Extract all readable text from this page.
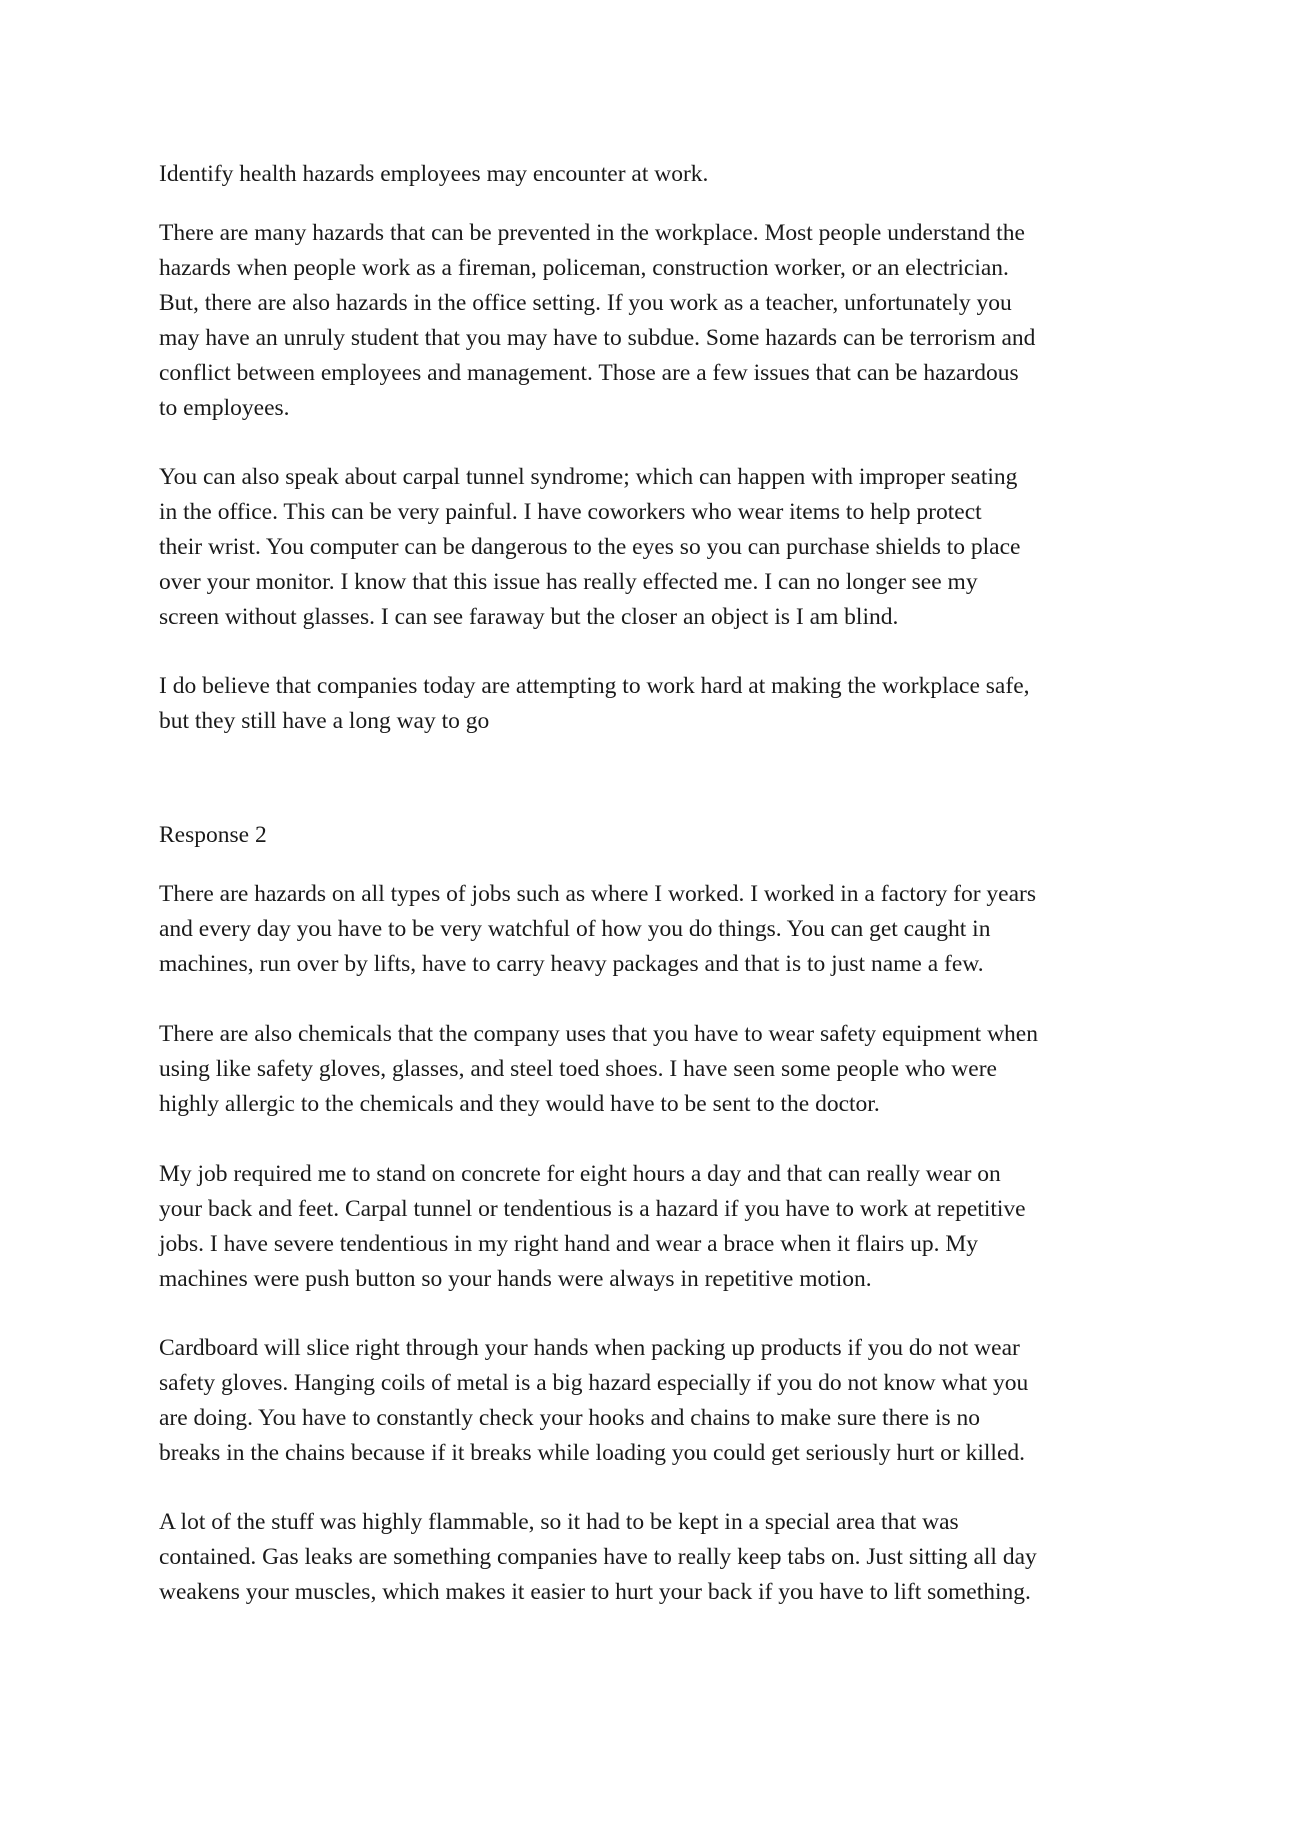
Identify health hazards employees may encounter at work.

There are many hazards that can be prevented in the workplace. Most people understand the
hazards when people work as a fireman, policeman, construction worker, or an electrician.
But, there are also hazards in the office setting. If you work as a teacher, unfortunately you
may have an unruly student that you may have to subdue. Some hazards can be terrorism and
conflict between employees and management. Those are a few issues that can be hazardous
to employees.

You can also speak about carpal tunnel syndrome; which can happen with improper seating
in the office. This can be very painful. I have coworkers who wear items to help protect
their wrist. You computer can be dangerous to the eyes so you can purchase shields to place
over your monitor. I know that this issue has really effected me. I can no longer see my
screen without glasses. I can see faraway but the closer an object is I am blind.

I do believe that companies today are attempting to work hard at making the workplace safe,
but they still have a long way to go

Response 2

There are hazards on all types of jobs such as where I worked. I worked in a factory for years
and every day you have to be very watchful of how you do things. You can get caught in
machines, run over by lifts, have to carry heavy packages and that is to just name a few.

There are also chemicals that the company uses that you have to wear safety equipment when
using like safety gloves, glasses, and steel toed shoes. I have seen some people who were
highly allergic to the chemicals and they would have to be sent to the doctor.

My job required me to stand on concrete for eight hours a day and that can really wear on
your back and feet. Carpal tunnel or tendentious is a hazard if you have to work at repetitive
jobs. I have severe tendentious in my right hand and wear a brace when it flairs up. My
machines were push button so your hands were always in repetitive motion.

Cardboard will slice right through your hands when packing up products if you do not wear
safety gloves. Hanging coils of metal is a big hazard especially if you do not know what you
are doing. You have to constantly check your hooks and chains to make sure there is no
breaks in the chains because if it breaks while loading you could get seriously hurt or killed.

A lot of the stuff was highly flammable, so it had to be kept in a special area that was
contained. Gas leaks are something companies have to really keep tabs on. Just sitting all day
weakens your muscles, which makes it easier to hurt your back if you have to lift something.
